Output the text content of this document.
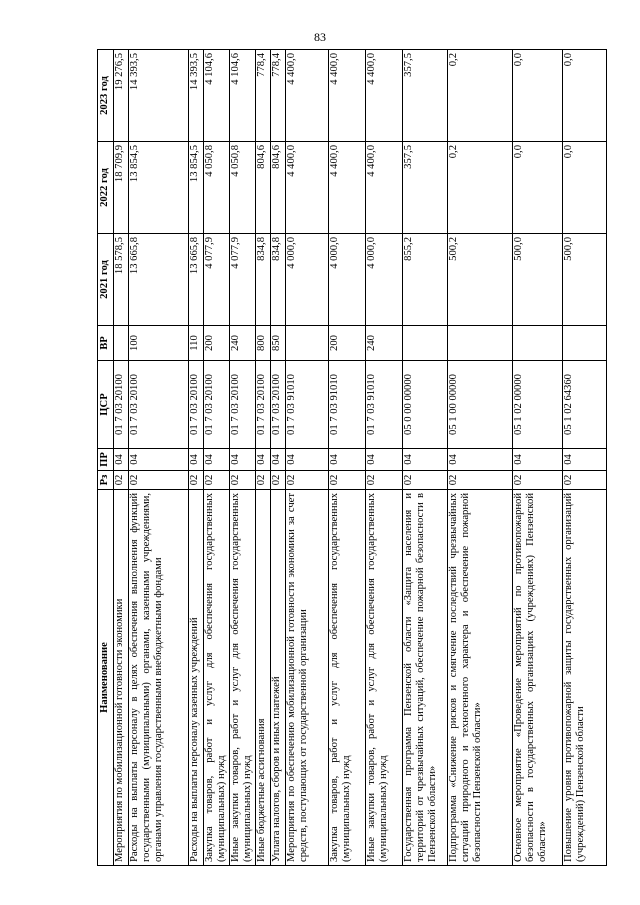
83
Наименование	Рз	ПР	ЦСР	ВР	2021 год	2022 год	2023 год
Мероприятия по мобилизационной готовности экономики	02	04	01 7 03 20100		18 578,5	18 709,9	19 276,5
Расходы на выплаты персоналу в целях обеспечения выполнения функций государственными (муниципальными) органами, казенными учреждениями, органами управления государственными внебюджетными фондами	02	04	01 7 03 20100	100	13 665,8	13 854,5	14 393,5
Расходы на выплаты персоналу казенных учреждений	02	04	01 7 03 20100	110	13 665,8	13 854,5	14 393,5
Закупка товаров, работ и услуг для обеспечения государственных (муниципальных) нужд	02	04	01 7 03 20100	200	4 077,9	4 050,8	4 104,6
Иные закупки товаров, работ и услуг для обеспечения государственных (муниципальных) нужд	02	04	01 7 03 20100	240	4 077,9	4 050,8	4 104,6
Иные бюджетные ассигнования	02	04	01 7 03 20100	800	834,8	804,6	778,4
Уплата налогов, сборов и иных платежей	02	04	01 7 03 20100	850	834,8	804,6	778,4
Мероприятия по обеспечению мобилизационной готовности экономики за счет средств, поступающих от государственной организации	02	04	01 7 03 91010		4 000,0	4 400,0	4 400,0
Закупка товаров, работ и услуг для обеспечения государственных (муниципальных) нужд	02	04	01 7 03 91010	200	4 000,0	4 400,0	4 400,0
Иные закупки товаров, работ и услуг для обеспечения государственных (муниципальных) нужд	02	04	01 7 03 91010	240	4 000,0	4 400,0	4 400,0
Государственная программа Пензенской области «Защита населения и территорий от чрезвычайных ситуаций, обеспечение пожарной безопасности в Пензенской области»	02	04	05 0 00 00000		855,2	357,5	357,5
Подпрограмма «Снижение рисков и смягчение последствий чрезвычайных ситуаций природного и техногенного характера и обеспечение пожарной безопасности Пензенской области»	02	04	05 1 00 00000		500,2	0,2	0,2
Основное мероприятие «Проведение мероприятий по противопожарной безопасности в государственных организациях (учреждениях) Пензенской области»	02	04	05 1 02 00000		500,0	0,0	0,0
Повышение уровня противопожарной защиты государственных организаций (учреждений) Пензенской области	02	04	05 1 02 64360		500,0	0,0	0,0
